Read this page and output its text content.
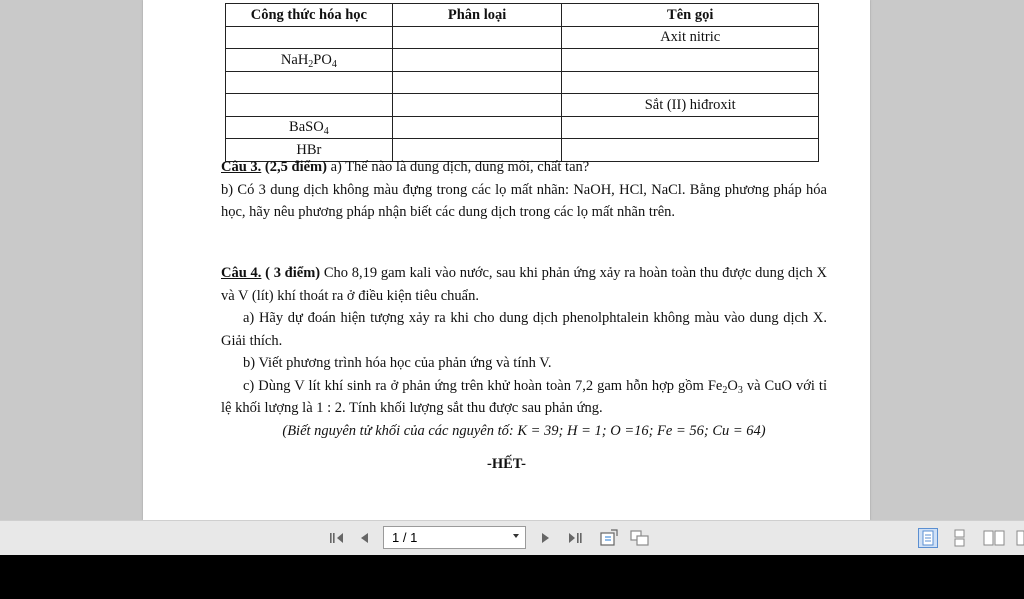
Công thức hóa học	Phân loại	Tên gọi
		Axit nitric
$NaH_2PO_4$		

		Sắt (II) hiđroxit
BaSO$_4$		
HBr		

Câu 3. (2,5 điểm) a) Thế nào là dung dịch, dung môi, chất tan?

b) Có 3 dung dịch không màu đựng trong các lọ mất nhãn: NaOH, HCl, NaCl. Bằng phương pháp hóa học, hãy nêu phương pháp nhận biết các dung dịch trong các lọ mất nhãn trên.

Câu 4. ( 3 điểm) Cho 8,19 gam kali vào nước, sau khi phản ứng xảy ra hoàn toàn thu được dung dịch X và V (lít) khí thoát ra ở điều kiện tiêu chuẩn.

a) Hãy dự đoán hiện tượng xảy ra khi cho dung dịch phenolphtalein không màu vào dung dịch X. Giải thích.

b) Viết phương trình hóa học của phản ứng và tính V.

c) Dùng V lít khí sinh ra ở phản ứng trên khử hoàn toàn 7,2 gam hỗn hợp gồm $Fe_2O_3$ và CuO với tỉ lệ khối lượng là 1 : 2. Tính khối lượng sắt thu được sau phản ứng.

(Biết nguyên tử khối của các nguyên tố: K = 39; H = 1; O =16; Fe = 56; Cu = 64)

-HẾT-
1 / 1
